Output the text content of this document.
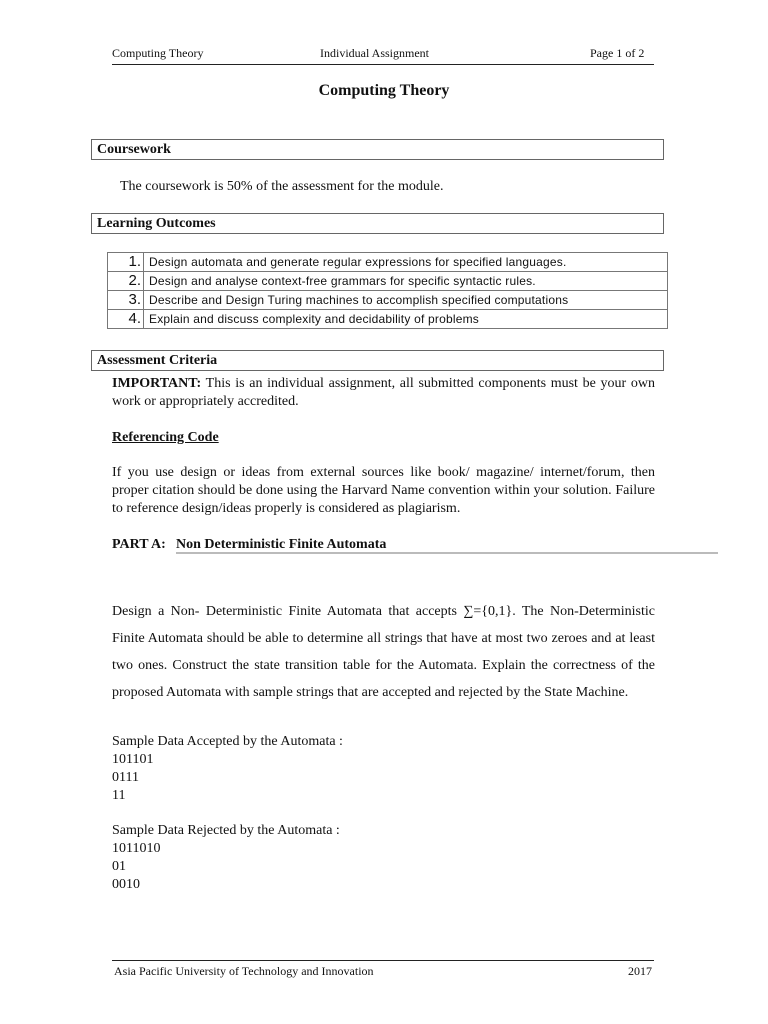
Computing Theory	Individual Assignment	Page 1 of 2
Computing Theory
Coursework
The coursework is 50% of the assessment for the module.
Learning Outcomes
1.	Design automata and generate regular expressions for specified languages.
2.	Design and analyse context-free grammars for specific syntactic rules.
3.	Describe and Design Turing machines to accomplish specified computations
4.	Explain and discuss complexity and decidability of problems
Assessment Criteria
IMPORTANT: This is an individual assignment, all submitted components must be your own work or appropriately accredited.
Referencing Code
If you use design or ideas from external sources like book/ magazine/ internet/forum, then proper citation should be done using the Harvard Name convention within your solution. Failure to reference design/ideas properly is considered as plagiarism.
PART A: Non Deterministic Finite Automata
Design a Non- Deterministic Finite Automata that accepts ∑={0,1}. The Non-Deterministic Finite Automata should be able to determine all strings that have at most two zeroes and at least two ones. Construct the state transition table for the Automata. Explain the correctness of the proposed Automata with sample strings that are accepted and rejected by the State Machine.
Sample Data Accepted by the Automata :
101101
0111
11
Sample Data Rejected by the Automata :
1011010
01
0010
Asia Pacific University of Technology and Innovation	2017
